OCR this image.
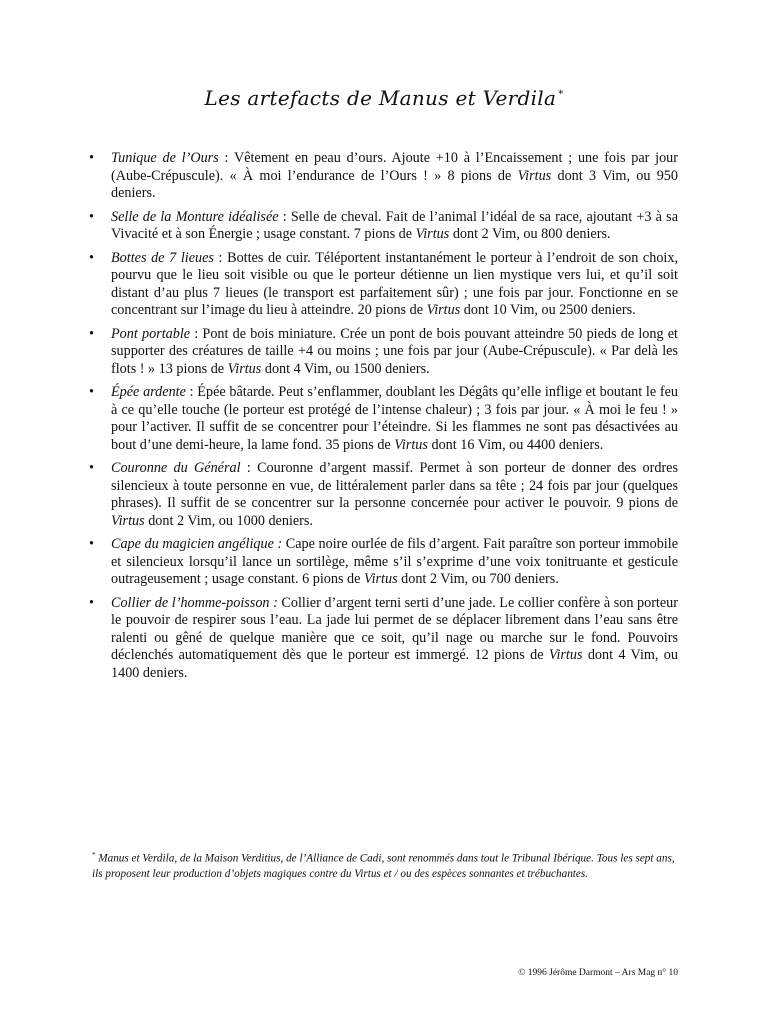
Les artefacts de Manus et Verdila *
• Tunique de l’Ours : Vêtement en peau d’ours. Ajoute +10 à l’Encaissement ; une fois par jour (Aube-Crépuscule). « À moi l’endurance de l’Ours ! » 8 pions de Virtus dont 3 Vim, ou 950 deniers.
• Selle de la Monture idéalisée : Selle de cheval. Fait de l’animal l’idéal de sa race, ajoutant +3 à sa Vivacité et à son Énergie ; usage constant. 7 pions de Virtus dont 2 Vim, ou 800 deniers.
• Bottes de 7 lieues : Bottes de cuir. Téléportent instantanément le porteur à l’endroit de son choix, pourvu que le lieu soit visible ou que le porteur détienne un lien mystique vers lui, et qu’il soit distant d’au plus 7 lieues (le transport est parfaitement sûr) ; une fois par jour. Fonctionne en se concentrant sur l’image du lieu à atteindre. 20 pions de Virtus dont 10 Vim, ou 2500 deniers.
• Pont portable : Pont de bois miniature. Crée un pont de bois pouvant atteindre 50 pieds de long et supporter des créatures de taille +4 ou moins ; une fois par jour (Aube-Crépuscule). « Par delà les flots ! » 13 pions de Virtus dont 4 Vim, ou 1500 deniers.
• Épée ardente : Épée bâtarde. Peut s’enflammer, doublant les Dégâts qu’elle inflige et boutant le feu à ce qu’elle touche (le porteur est protégé de l’intense chaleur) ; 3 fois par jour. « À moi le feu ! » pour l’activer. Il suffit de se concentrer pour l’éteindre. Si les flammes ne sont pas désactivées au bout d’une demi-heure, la lame fond. 35 pions de Virtus dont 16 Vim, ou 4400 deniers.
• Couronne du Général : Couronne d’argent massif. Permet à son porteur de donner des ordres silencieux à toute personne en vue, de littéralement parler dans sa tête ; 24 fois par jour (quelques phrases). Il suffit de se concentrer sur la personne concernée pour activer le pouvoir. 9 pions de Virtus dont 2 Vim, ou 1000 deniers.
• Cape du magicien angélique : Cape noire ourlée de fils d’argent. Fait paraître son porteur immobile et silencieux lorsqu’il lance un sortilège, même s’il s’exprime d’une voix tonitruante et gesticule outrageusement ; usage constant. 6 pions de Virtus dont 2 Vim, ou 700 deniers.
• Collier de l’homme-poisson : Collier d’argent terni serti d’une jade. Le collier confère à son porteur le pouvoir de respirer sous l’eau. La jade lui permet de se déplacer librement dans l’eau sans être ralenti ou gêné de quelque manière que ce soit, qu’il nage ou marche sur le fond. Pouvoirs déclenchés automatiquement dès que le porteur est immergé. 12 pions de Virtus dont 4 Vim, ou 1400 deniers.
* Manus et Verdila, de la Maison Verditius, de l’Alliance de Cadi, sont renommés dans tout le Tribunal Ibérique. Tous les sept ans, ils proposent leur production d’objets magiques contre du Virtus et / ou des espèces sonnantes et trébuchantes.
© 1996 Jérôme Darmont – Ars Mag n° 10
